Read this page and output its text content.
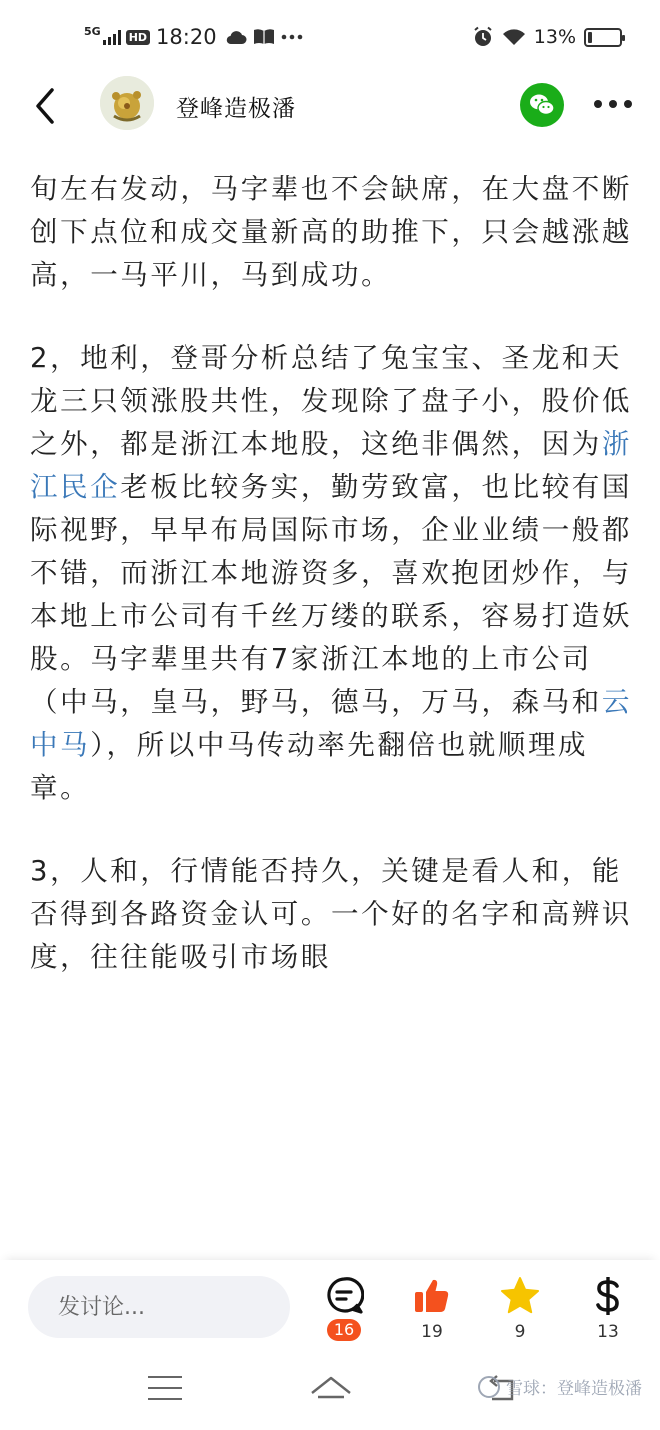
5G	HD 18:20	13%
登峰造极潘

旬左右发动，马字辈也不会缺席，在大盘不断创下点位和成交量新高的助推下，只会越涨越高，一马平川，马到成功。

2，地利，登哥分析总结了兔宝宝、圣龙和天龙三只领涨股共性，发现除了盘子小，股价低之外，都是浙江本地股，这绝非偶然，因为浙江民企老板比较务实，勤劳致富，也比较有国际视野，早早布局国际市场，企业业绩一般都不错，而浙江本地游资多，喜欢抱团炒作，与本地上市公司有千丝万缕的联系，容易打造妖股。马字辈里共有7家浙江本地的上市公司（中马，皇马，野马，德马，万马，森马和云中马），所以中马传动率先翻倍也就顺理成章。

3，人和，行情能否持久，关键是看人和，能否得到各路资金认可。一个好的名字和高辨识度，往往能吸引市场眼

发讨论...
16	19	9	13
雪球：登峰造极潘
